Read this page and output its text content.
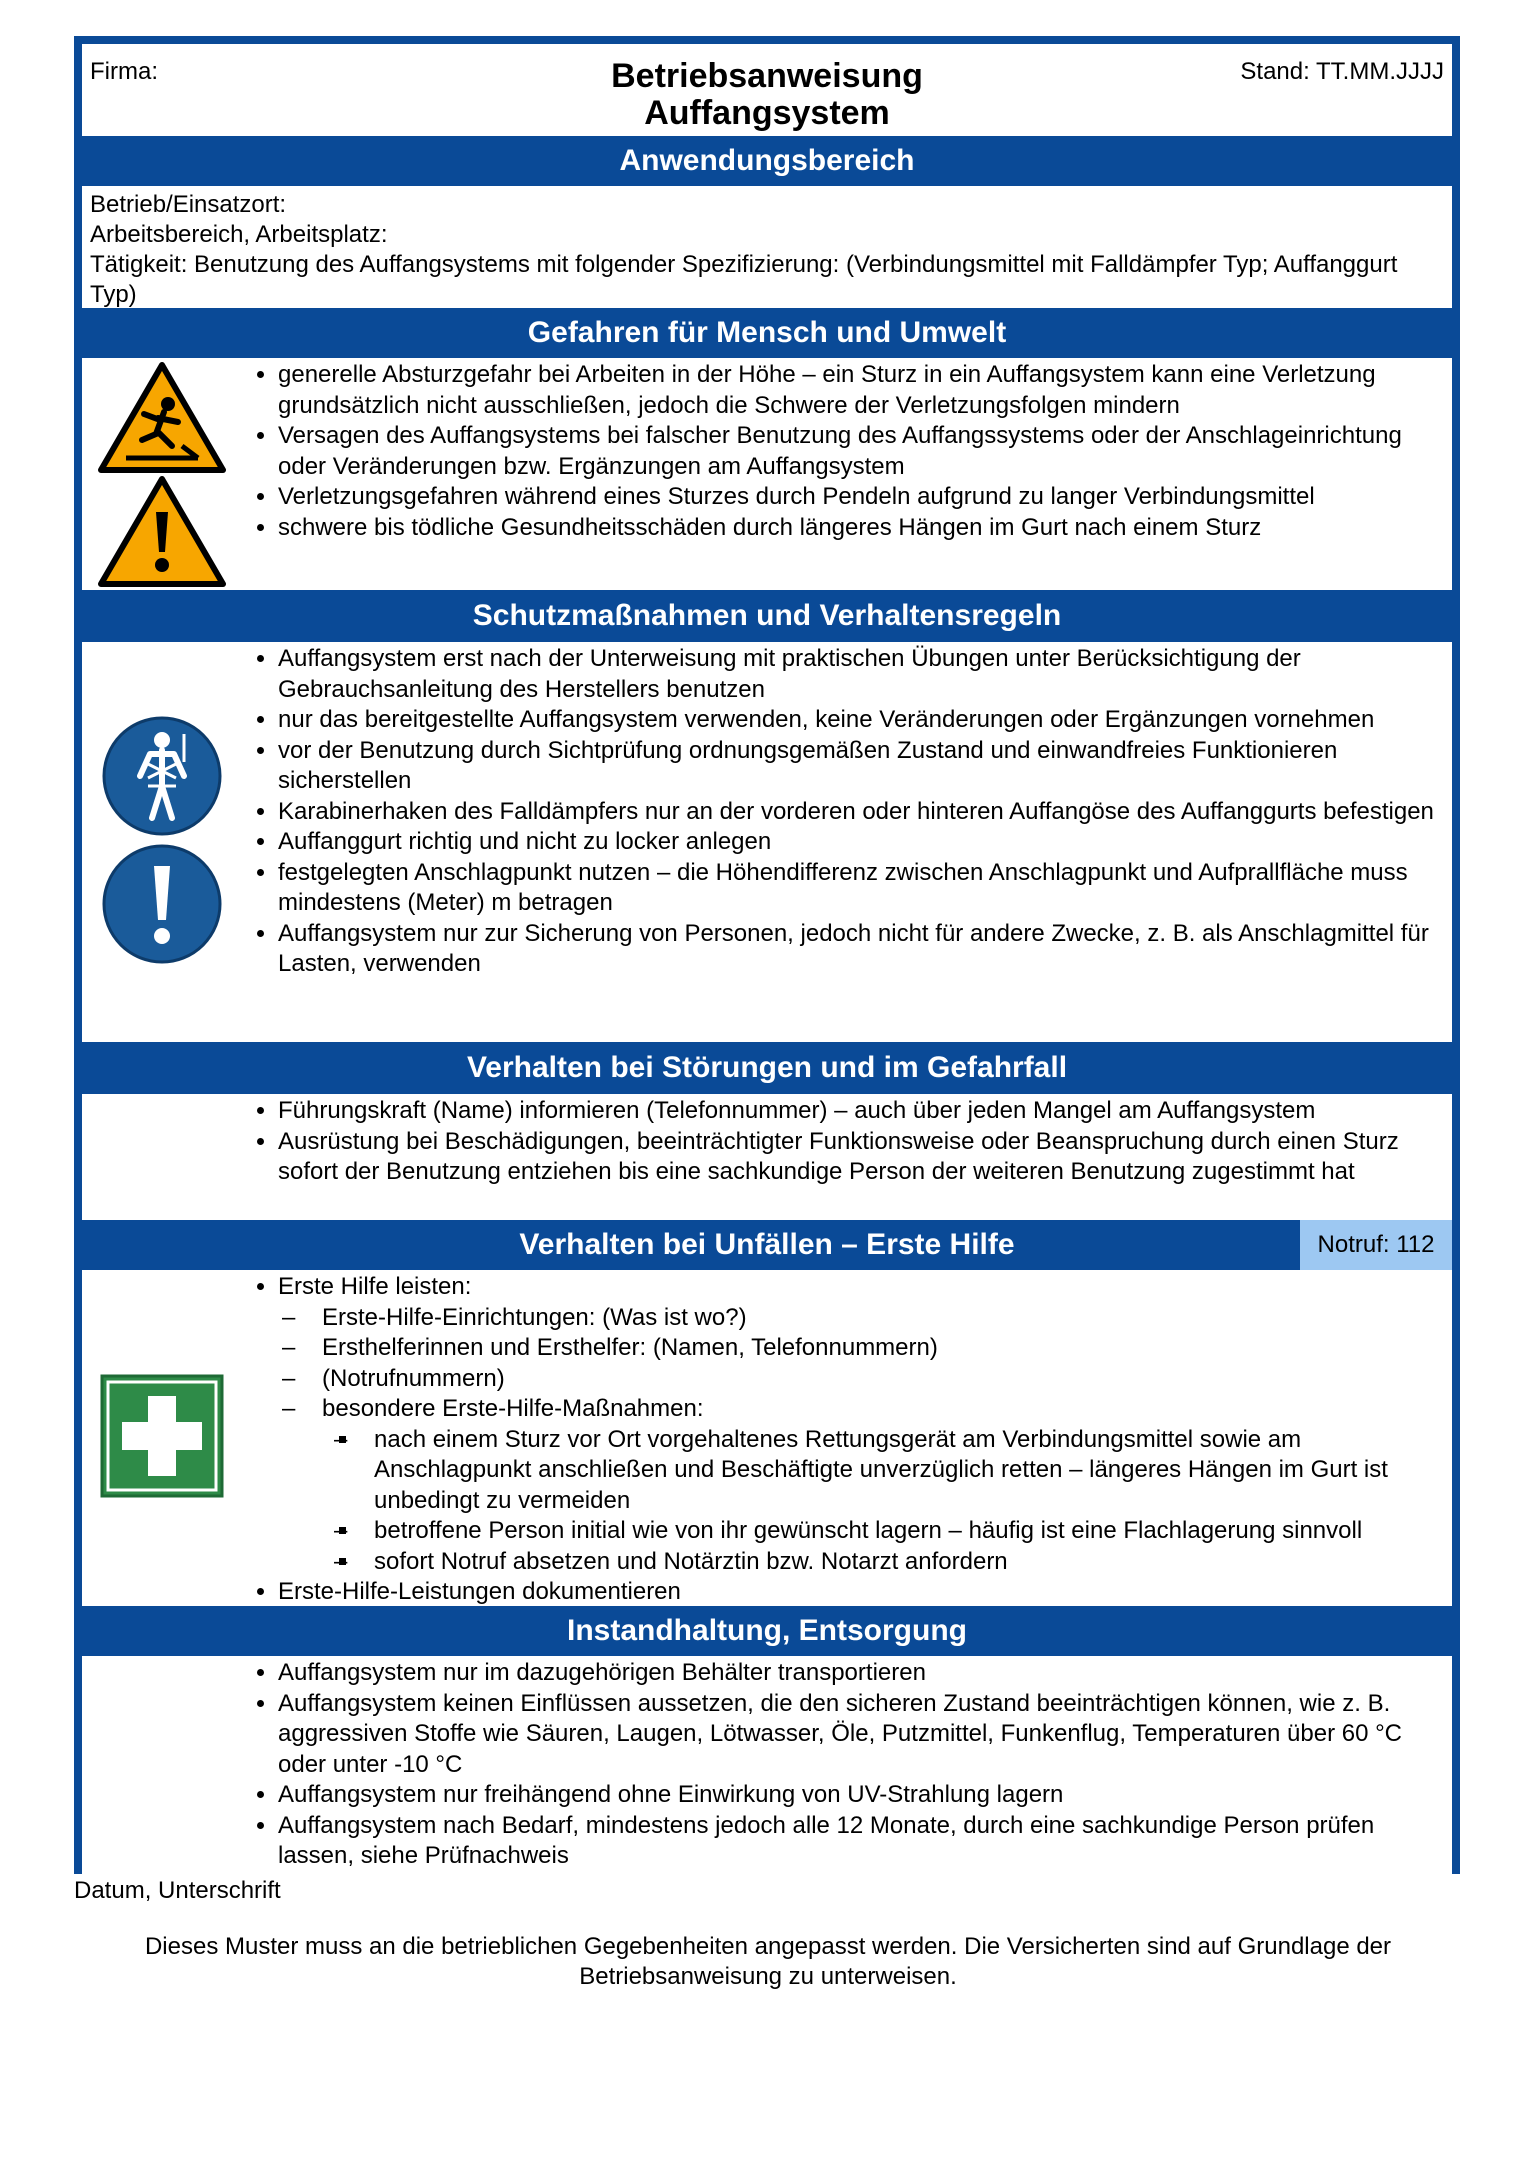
Firma:	Betriebsanweisung
Auffangsystem
Stand: TT.MM.JJJJ
Anwendungsbereich
Betrieb/Einsatzort:
Arbeitsbereich, Arbeitsplatz:
Tätigkeit: Benutzung des Auffangsystems mit folgender Spezifizierung: (Verbindungsmittel mit Falldämpfer Typ; Auffanggurt Typ)
Gefahren für Mensch und Umwelt
• generelle Absturzgefahr bei Arbeiten in der Höhe – ein Sturz in ein Auffangsystem kann eine Verletzung grundsätzlich nicht ausschließen, jedoch die Schwere der Verletzungsfolgen mindern
• Versagen des Auffangsystems bei falscher Benutzung des Auffangssystems oder der Anschlageinrichtung oder Veränderungen bzw. Ergänzungen am Auffangsystem
• Verletzungsgefahren während eines Sturzes durch Pendeln aufgrund zu langer Verbindungsmittel
• schwere bis tödliche Gesundheitsschäden durch längeres Hängen im Gurt nach einem Sturz
Schutzmaßnahmen und Verhaltensregeln
• Auffangsystem erst nach der Unterweisung mit praktischen Übungen unter Berücksichtigung der Gebrauchsanleitung des Herstellers benutzen
• nur das bereitgestellte Auffangsystem verwenden, keine Veränderungen oder Ergänzungen vornehmen
• vor der Benutzung durch Sichtprüfung ordnungsgemäßen Zustand und einwandfreies Funktionieren sicherstellen
• Karabinerhaken des Falldämpfers nur an der vorderen oder hinteren Auffangöse des Auffanggurts befestigen
• Auffanggurt richtig und nicht zu locker anlegen
• festgelegten Anschlagpunkt nutzen – die Höhendifferenz zwischen Anschlagpunkt und Aufprallfläche muss mindestens (Meter) m betragen
• Auffangsystem nur zur Sicherung von Personen, jedoch nicht für andere Zwecke, z. B. als Anschlagmittel für Lasten, verwenden
Verhalten bei Störungen und im Gefahrfall
• Führungskraft (Name) informieren (Telefonnummer) – auch über jeden Mangel am Auffangsystem
• Ausrüstung bei Beschädigungen, beeinträchtigter Funktionsweise oder Beanspruchung durch einen Sturz sofort der Benutzung entziehen bis eine sachkundige Person der weiteren Benutzung zugestimmt hat
Verhalten bei Unfällen – Erste Hilfe	Notruf: 112
• Erste Hilfe leisten:
– Erste-Hilfe-Einrichtungen: (Was ist wo?)
– Ersthelferinnen und Ersthelfer: (Namen, Telefonnummern)
– (Notrufnummern)
– besondere Erste-Hilfe-Maßnahmen:
– ▪ nach einem Sturz vor Ort vorgehaltenes Rettungsgerät am Verbindungsmittel sowie am Anschlagpunkt anschließen und Beschäftigte unverzüglich retten – längeres Hängen im Gurt ist unbedingt zu vermeiden
– ▪ betroffene Person initial wie von ihr gewünscht lagern – häufig ist eine Flachlagerung sinnvoll
– ▪ sofort Notruf absetzen und Notärztin bzw. Notarzt anfordern
• Erste-Hilfe-Leistungen dokumentieren
Instandhaltung, Entsorgung
• Auffangsystem nur im dazugehörigen Behälter transportieren
• Auffangsystem keinen Einflüssen aussetzen, die den sicheren Zustand beeinträchtigen können, wie z. B. aggressiven Stoffe wie Säuren, Laugen, Lötwasser, Öle, Putzmittel, Funkenflug, Temperaturen über 60 °C oder unter -10 °C
• Auffangsystem nur freihängend ohne Einwirkung von UV-Strahlung lagern
• Auffangsystem nach Bedarf, mindestens jedoch alle 12 Monate, durch eine sachkundige Person prüfen lassen, siehe Prüfnachweis
Datum, Unterschrift
Dieses Muster muss an die betrieblichen Gegebenheiten angepasst werden. Die Versicherten sind auf Grundlage der Betriebsanweisung zu unterweisen.
